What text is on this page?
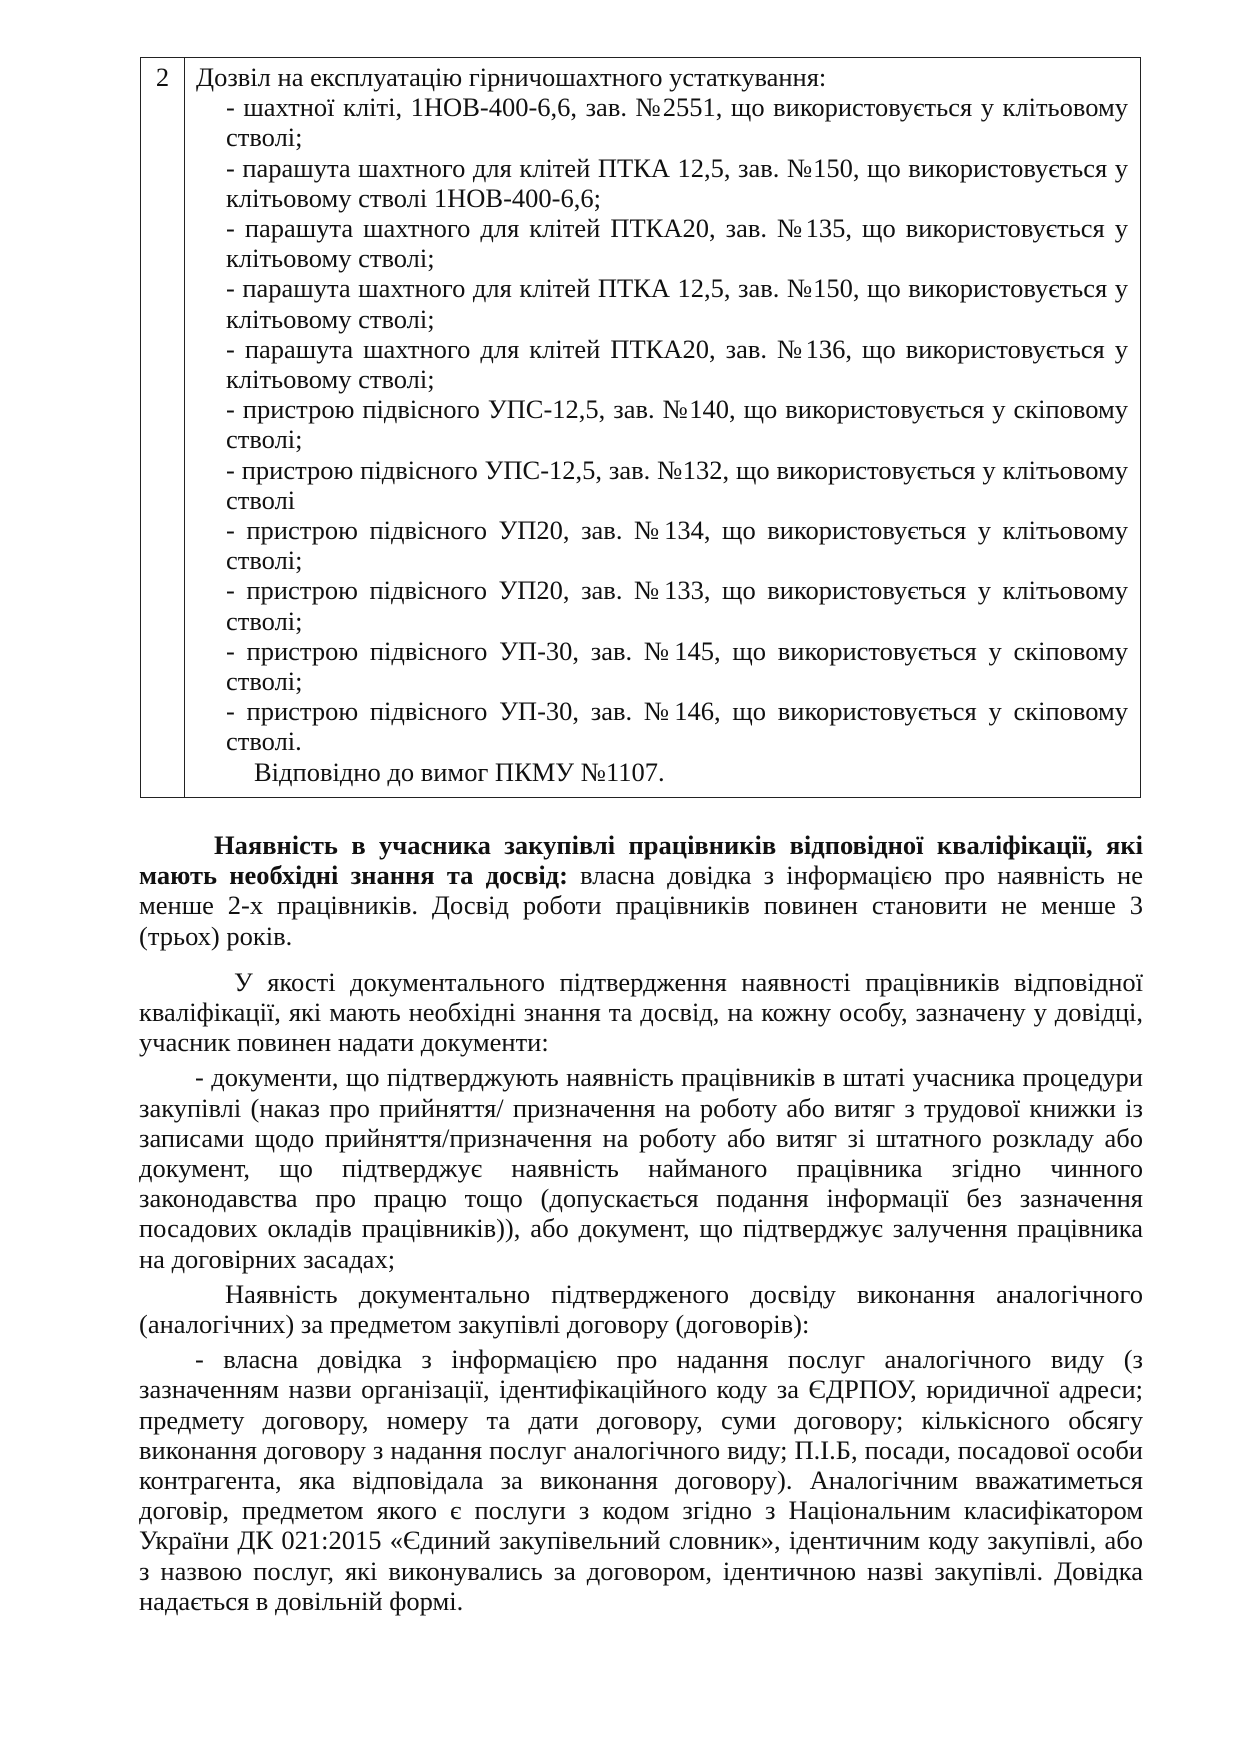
2	Дозвіл на експлуатацію гірничошахтного устаткування:
- шахтної кліті, 1НОВ-400-6,6, зав. №2551, що використовується у клітьовому стволі;
- парашута шахтного для клітей ПТКА 12,5, зав. №150, що використовується у клітьовому стволі 1НОВ-400-6,6;
- парашута шахтного для клітей ПТКА20, зав. №135, що використовується у клітьовому стволі;
- парашута шахтного для клітей ПТКА 12,5, зав. №150, що використовується у клітьовому стволі;
- парашута шахтного для клітей ПТКА20, зав. №136, що використовується у клітьовому стволі;
- пристрою підвісного УПС-12,5, зав. №140, що використовується у скіповому стволі;
- пристрою підвісного УПС-12,5, зав. №132, що використовується у клітьовому стволі
- пристрою підвісного УП20, зав. №134, що використовується у клітьовому стволі;
- пристрою підвісного УП20, зав. №133, що використовується у клітьовому стволі;
- пристрою підвісного УП-30, зав. №145, що використовується у скіповому стволі;
- пристрою підвісного УП-30, зав. №146, що використовується у скіповому стволі.
Відповідно до вимог ПКМУ №1107.

Наявність в учасника закупівлі працівників відповідної кваліфікації, які мають необхідні знання та досвід: власна довідка з інформацією про наявність не менше 2-х працівників. Досвід роботи працівників повинен становити не менше 3 (трьох) років.

У якості документального підтвердження наявності працівників відповідної кваліфікації, які мають необхідні знання та досвід, на кожну особу, зазначену у довідці, учасник повинен надати документи:

- документи, що підтверджують наявність працівників в штаті учасника процедури закупівлі (наказ про прийняття/ призначення на роботу або витяг з трудової книжки із записами щодо прийняття/призначення на роботу або витяг зі штатного розкладу або документ, що підтверджує наявність найманого працівника згідно чинного законодавства про працю тощо (допускається подання інформації без зазначення посадових окладів працівників)), або документ, що підтверджує залучення працівника на договірних засадах;

Наявність документально підтвердженого досвіду виконання аналогічного (аналогічних) за предметом закупівлі договору (договорів):

- власна довідка з інформацією про надання послуг аналогічного виду (з зазначенням назви організації, ідентифікаційного коду за ЄДРПОУ, юридичної адреси; предмету договору, номеру та дати договору, суми договору; кількісного обсягу виконання договору з надання послуг аналогічного виду; П.І.Б, посади, посадової особи контрагента, яка відповідала за виконання договору). Аналогічним вважатиметься договір, предметом якого є послуги з кодом згідно з Національним класифікатором України ДК 021:2015 «Єдиний закупівельний словник», ідентичним коду закупівлі, або з назвою послуг, які виконувались за договором, ідентичною назві закупівлі. Довідка надається в довільній формі.
